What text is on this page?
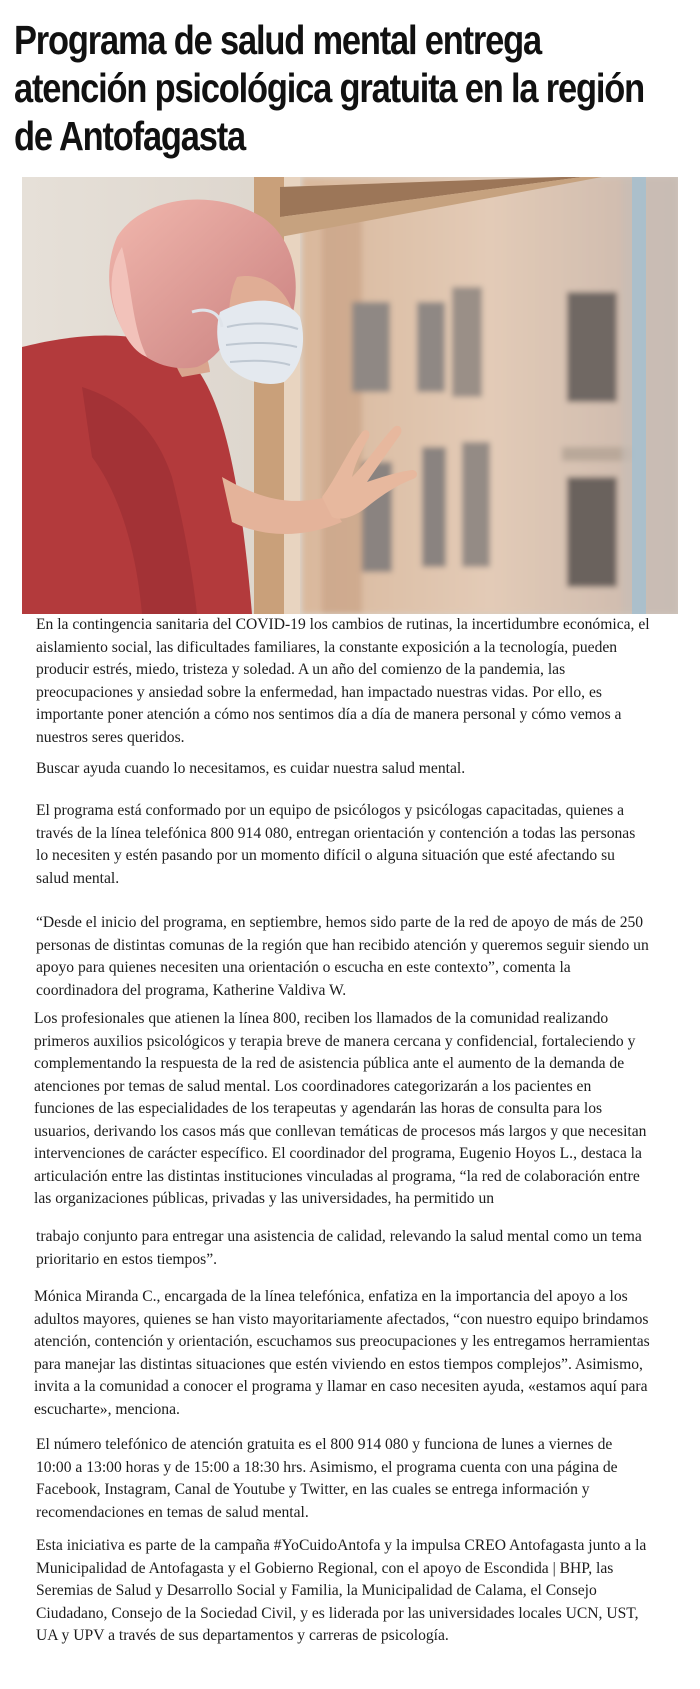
Programa de salud mental entrega
atención psicológica gratuita en la región
de Antofagasta

En la contingencia sanitaria del COVID-19 los cambios de rutinas, la incertidumbre económica, el aislamiento social, las dificultades familiares, la constante exposición a la tecnología, pueden producir estrés, miedo, tristeza y soledad. A un año del comienzo de la pandemia, las preocupaciones y ansiedad sobre la enfermedad, han impactado nuestras vidas. Por ello, es importante poner atención a cómo nos sentimos día a día de manera personal y cómo vemos a nuestros seres queridos.

Buscar ayuda cuando lo necesitamos, es cuidar nuestra salud mental.

El programa está conformado por un equipo de psicólogos y psicólogas capacitadas, quienes a través de la línea telefónica 800 914 080, entregan orientación y contención a todas las personas lo necesiten y estén pasando por un momento difícil o alguna situación que esté afectando su salud mental.

“Desde el inicio del programa, en septiembre, hemos sido parte de la red de apoyo de más de 250 personas de distintas comunas de la región que han recibido atención y queremos seguir siendo un apoyo para quienes necesiten una orientación o escucha en este contexto”, comenta la coordinadora del programa, Katherine Valdiva W.

Los profesionales que atienen la línea 800, reciben los llamados de la comunidad realizando primeros auxilios psicológicos y terapia breve de manera cercana y confidencial, fortaleciendo y complementando la respuesta de la red de asistencia pública ante el aumento de la demanda de atenciones por temas de salud mental. Los coordinadores categorizarán a los pacientes en funciones de las especialidades de los terapeutas y agendarán las horas de consulta para los usuarios, derivando los casos más que conllevan temáticas de procesos más largos y que necesitan intervenciones de carácter específico. El coordinador del programa, Eugenio Hoyos L., destaca la articulación entre las distintas instituciones vinculadas al programa, “la red de colaboración entre las organizaciones públicas, privadas y las universidades, ha permitido un

trabajo conjunto para entregar una asistencia de calidad, relevando la salud mental como un tema prioritario en estos tiempos”.

Mónica Miranda C., encargada de la línea telefónica, enfatiza en la importancia del apoyo a los adultos mayores, quienes se han visto mayoritariamente afectados, “con nuestro equipo brindamos atención, contención y orientación, escuchamos sus preocupaciones y les entregamos herramientas para manejar las distintas situaciones que estén viviendo en estos tiempos complejos”. Asimismo, invita a la comunidad a conocer el programa y llamar en caso necesiten ayuda, «estamos aquí para escucharte», menciona.

El número telefónico de atención gratuita es el 800 914 080 y funciona de lunes a viernes de 10:00 a 13:00 horas y de 15:00 a 18:30 hrs. Asimismo, el programa cuenta con una página de Facebook, Instagram, Canal de Youtube y Twitter, en las cuales se entrega información y recomendaciones en temas de salud mental.

Esta iniciativa es parte de la campaña #YoCuidoAntofa y la impulsa CREO Antofagasta junto a la Municipalidad de Antofagasta y el Gobierno Regional, con el apoyo de Escondida | BHP, las Seremias de Salud y Desarrollo Social y Familia, la Municipalidad de Calama, el Consejo Ciudadano, Consejo de la Sociedad Civil, y es liderada por las universidades locales UCN, UST, UA y UPV a través de sus departamentos y carreras de psicología.
